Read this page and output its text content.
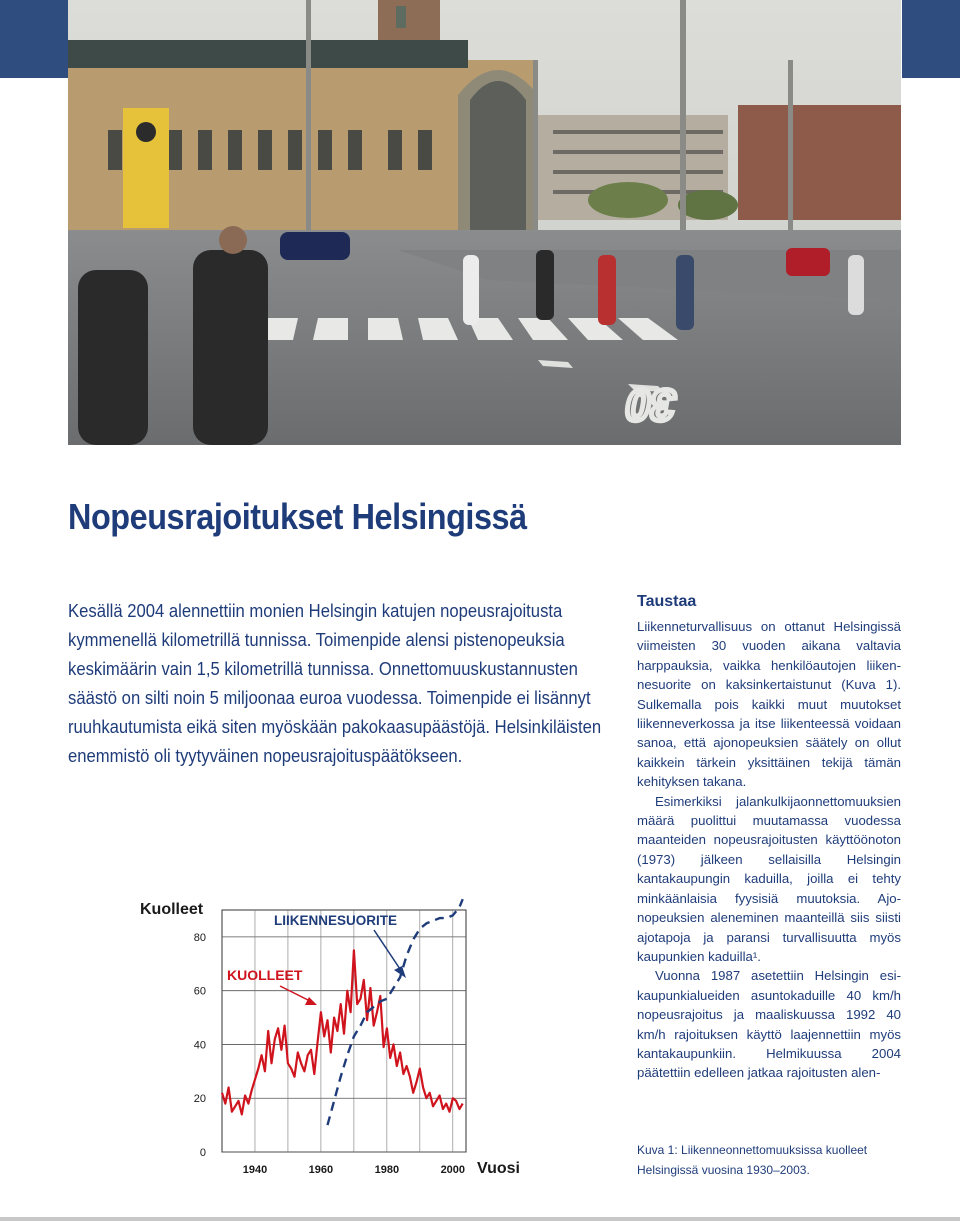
30
Nopeusrajoitukset Helsingissä

Kesällä 2004 alennettiin monien Helsingin katujen nopeusrajoitusta kymmenellä kilometrillä tunnissa. Toimenpide alensi pistenopeuksia keskimäärin vain 1,5 kilometrillä tunnissa. Onnettomuuskustannusten säästö on silti noin 5 miljoonaa euroa vuodessa. Toimenpide ei lisännyt ruuhkautumista eikä siten myöskään pakokaasupäästöjä. Helsinkiläisten enemmistö oli tyytyväinen nopeusrajoituspäätökseen.

Taustaa

Liikenneturvallisuus on ottanut Helsingissä viimeisten 30 vuoden aikana valtavia harppauksia, vaikka henkilöautojen liikennesuorite on kaksinkertaistunut (Kuva 1). Sulkemalla pois kaikki muut muutokset liikenneverkossa ja itse liikenteessä voidaan sanoa, että ajonopeuksien säätely on ollut kaikkein tärkein yksittäinen tekijä tämän kehityksen takana.

Esimerkiksi jalankulkijaonnettomuuksien määrä puolittui muutamassa vuodessa maanteiden nopeusrajoitusten käyttöönoton (1973) jälkeen sellaisilla Helsingin kantakaupungin kaduilla, joilla ei tehty minkäänlaisia fyysisiä muutoksia. Ajonopeuksien aleneminen maanteillä siis siisti ajotapoja ja paransi turvallisuutta myös kaupunkien kaduilla¹.

Vuonna 1987 asetettiin Helsingin esikaupunkialueiden asuntokaduille 40 km/h nopeusrajoitus ja maaliskuussa 1992 40 km/h rajoituksen käyttö laajennettiin myös kantakaupunkiin. Helmikuussa 2004 päätettiin edelleen jatkaa rajoitusten alen-

Kuolleet
Vuosi
80
60
40
20
0
1940	1960	1980	2000
LIIKENNESUORITE
KUOLLEET
Kuva 1: Liikenneonnettomuuksissa kuolleet
Helsingissä vuosina 1930–2003.
